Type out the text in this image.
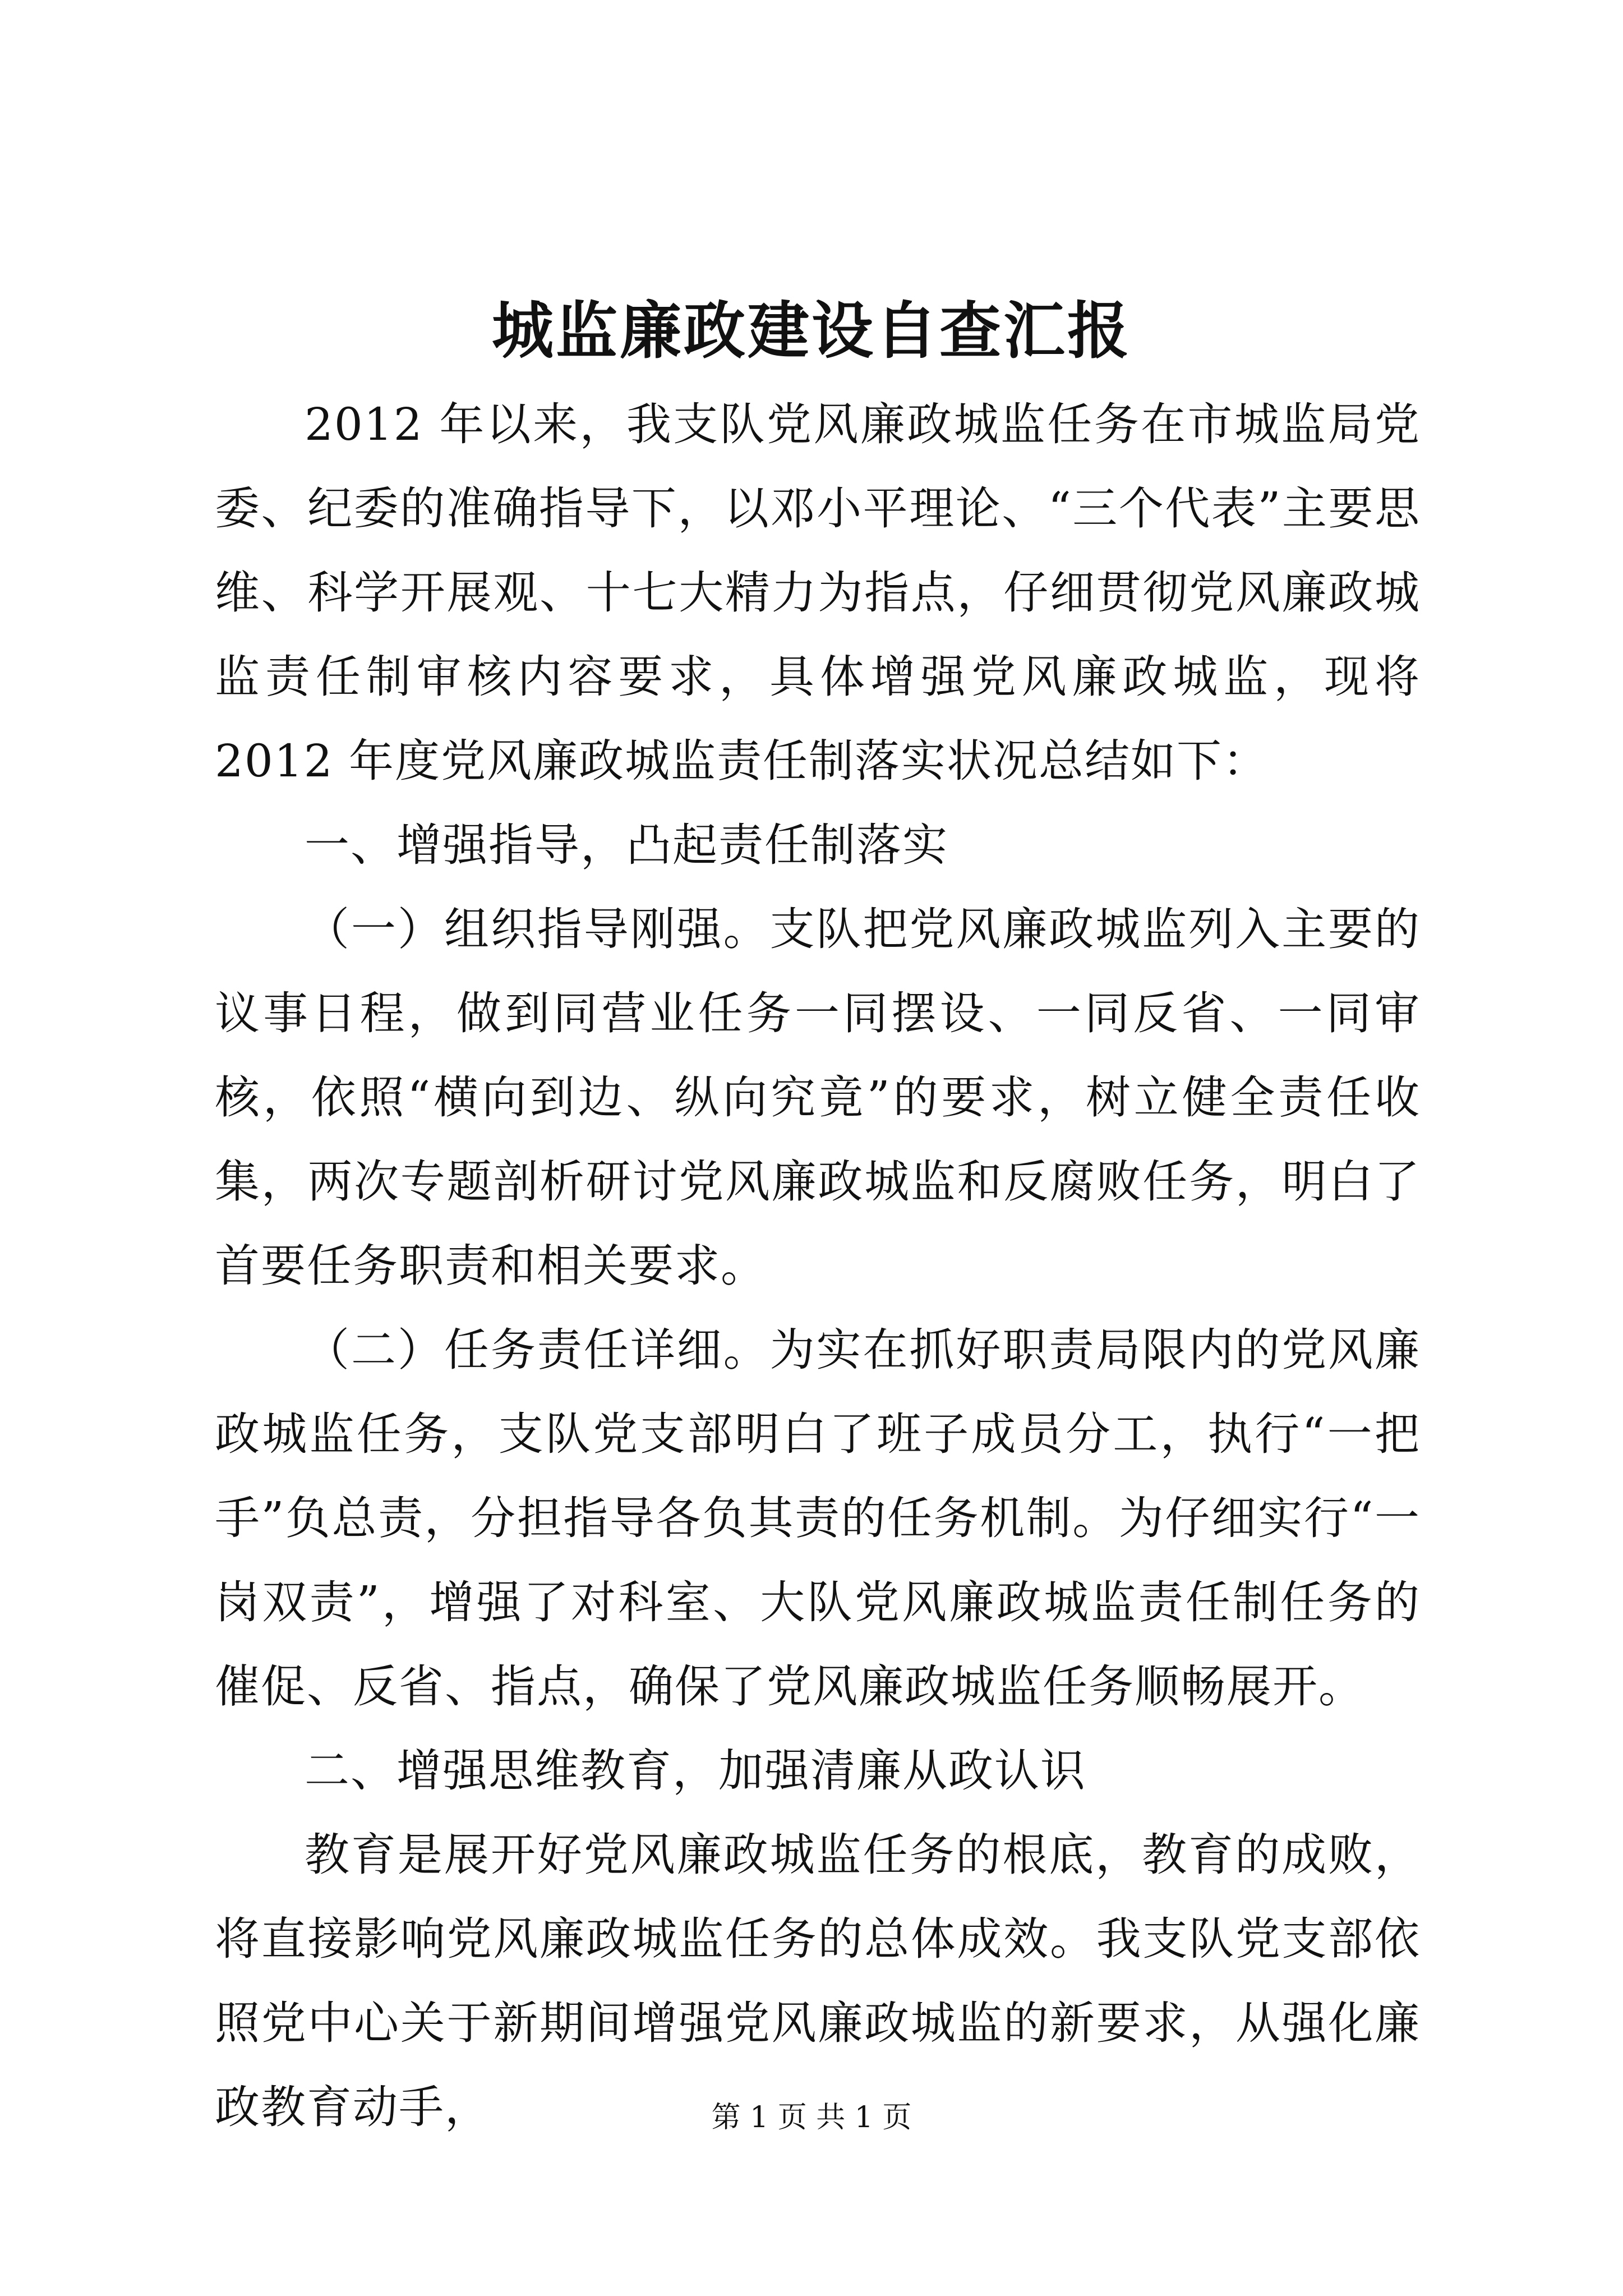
城监廉政建设自查汇报

2012 年以来，我支队党风廉政城监任务在市城监局党委、纪委的准确指导下，以邓小平理论、“三个代表”主要思维、科学开展观、十七大精力为指点，仔细贯彻党风廉政城监责任制审核内容要求，具体增强党风廉政城监，现将 2012 年度党风廉政城监责任制落实状况总结如下：

一、增强指导，凸起责任制落实

（一）组织指导刚强。支队把党风廉政城监列入主要的议事日程，做到同营业任务一同摆设、一同反省、一同审核，依照“横向到边、纵向究竟”的要求，树立健全责任收集，两次专题剖析研讨党风廉政城监和反腐败任务，明白了首要任务职责和相关要求。

（二）任务责任详细。为实在抓好职责局限内的党风廉政城监任务，支队党支部明白了班子成员分工，执行“一把手”负总责，分担指导各负其责的任务机制。为仔细实行“一岗双责”，增强了对科室、大队党风廉政城监责任制任务的催促、反省、指点，确保了党风廉政城监任务顺畅展开。

二、增强思维教育，加强清廉从政认识

教育是展开好党风廉政城监任务的根底，教育的成败，将直接影响党风廉政城监任务的总体成效。我支队党支部依照党中心关于新期间增强党风廉政城监的新要求，从强化廉政教育动手，	第 1 页 共 1 页
